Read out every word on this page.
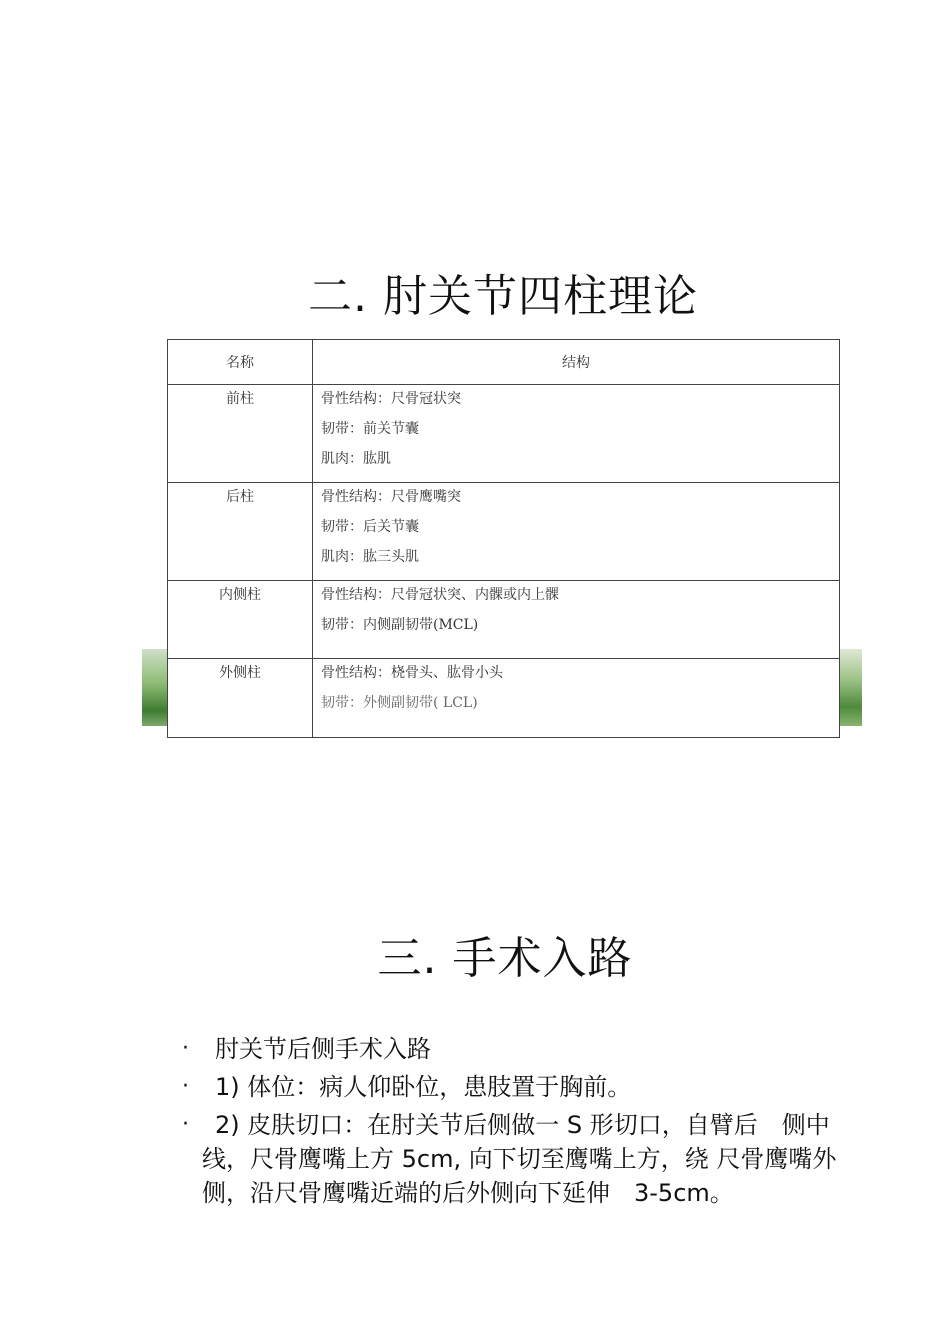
二. 肘关节四柱理论
名称	结构
前柱	骨性结构：尺骨冠状突
韧带：前关节囊
肌肉：肱肌

后柱	骨性结构：尺骨鹰嘴突
韧带：后关节囊
肌肉：肱三头肌

内侧柱	骨性结构：尺骨冠状突、内髁或内上髁
韧带：内侧副韧带(MCL)

外侧柱	骨性结构：桡骨头、肱骨小头
韧带：外侧副韧带( LCL)
三. 手术入路
· 肘关节后侧手术入路
· 1) 体位：病人仰卧位，患肢置于胸前。
· 2) 皮肤切口：在肘关节后侧做一 S 形切口，自臂后　侧中线，尺骨鹰嘴上方 5cm, 向下切至鹰嘴上方，绕 尺骨鹰嘴外侧，沿尺骨鹰嘴近端的后外侧向下延伸　3-5cm。
